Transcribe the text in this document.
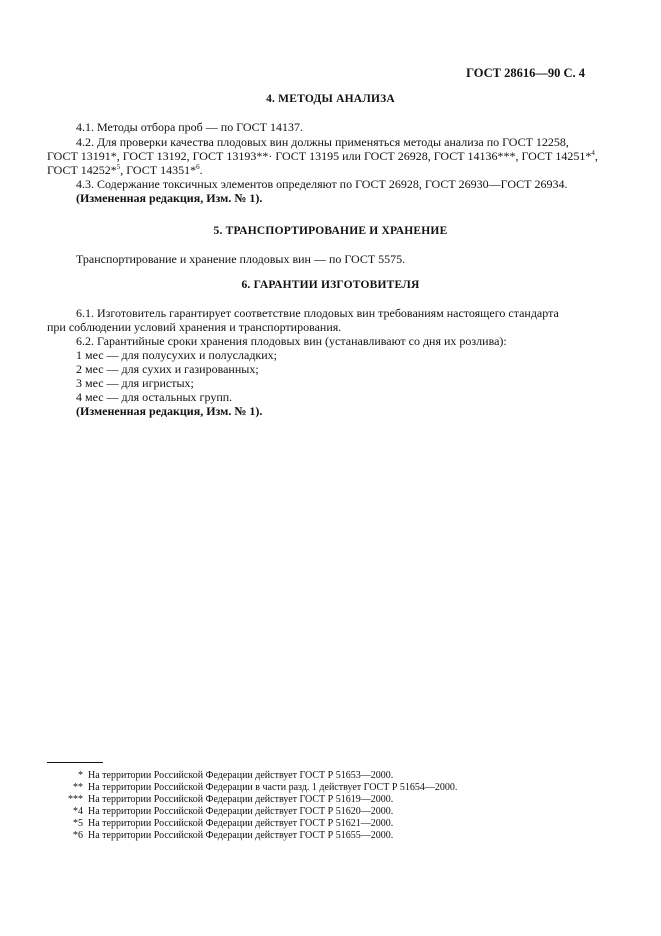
ГОСТ 28616—90 С. 4
4. МЕТОДЫ АНАЛИЗА
4.1. Методы отбора проб — по ГОСТ 14137.
4.2. Для проверки качества плодовых вин должны применяться методы анализа по ГОСТ 12258,
ГОСТ 13191*, ГОСТ 13192, ГОСТ 13193**· ГОСТ 13195 или ГОСТ 26928, ГОСТ 14136***, ГОСТ 14251*$^4$,
ГОСТ 14252*$^5$, ГОСТ 14351*$^6$.
4.3. Содержание токсичных элементов определяют по ГОСТ 26928, ГОСТ 26930—ГОСТ 26934.
(Измененная редакция, Изм. № 1).
5. ТРАНСПОРТИРОВАНИЕ И ХРАНЕНИЕ
Транспортирование и хранение плодовых вин — по ГОСТ 5575.
6. ГАРАНТИИ ИЗГОТОВИТЕЛЯ
6.1. Изготовитель гарантирует соответствие плодовых вин требованиям настоящего стандарта
при соблюдении условий хранения и транспортирования.
6.2. Гарантийные сроки хранения плодовых вин (устанавливают со дня их розлива):
1 мес — для полусухих и полусладких;
2 мес — для сухих и газированных;
3 мес — для игристых;
4 мес — для остальных групп.
(Измененная редакция, Изм. № 1).
* На территории Российской Федерации действует ГОСТ Р 51653—2000.
** На территории Российской Федерации в части разд. 1 действует ГОСТ Р 51654—2000.
*** На территории Российской Федерации действует ГОСТ Р 51619—2000.
*4 На территории Российской Федерации действует ГОСТ Р 51620—2000.
*5 На территории Российской Федерации действует ГОСТ Р 51621—2000.
*6 На территории Российской Федерации действует ГОСТ Р 51655—2000.
